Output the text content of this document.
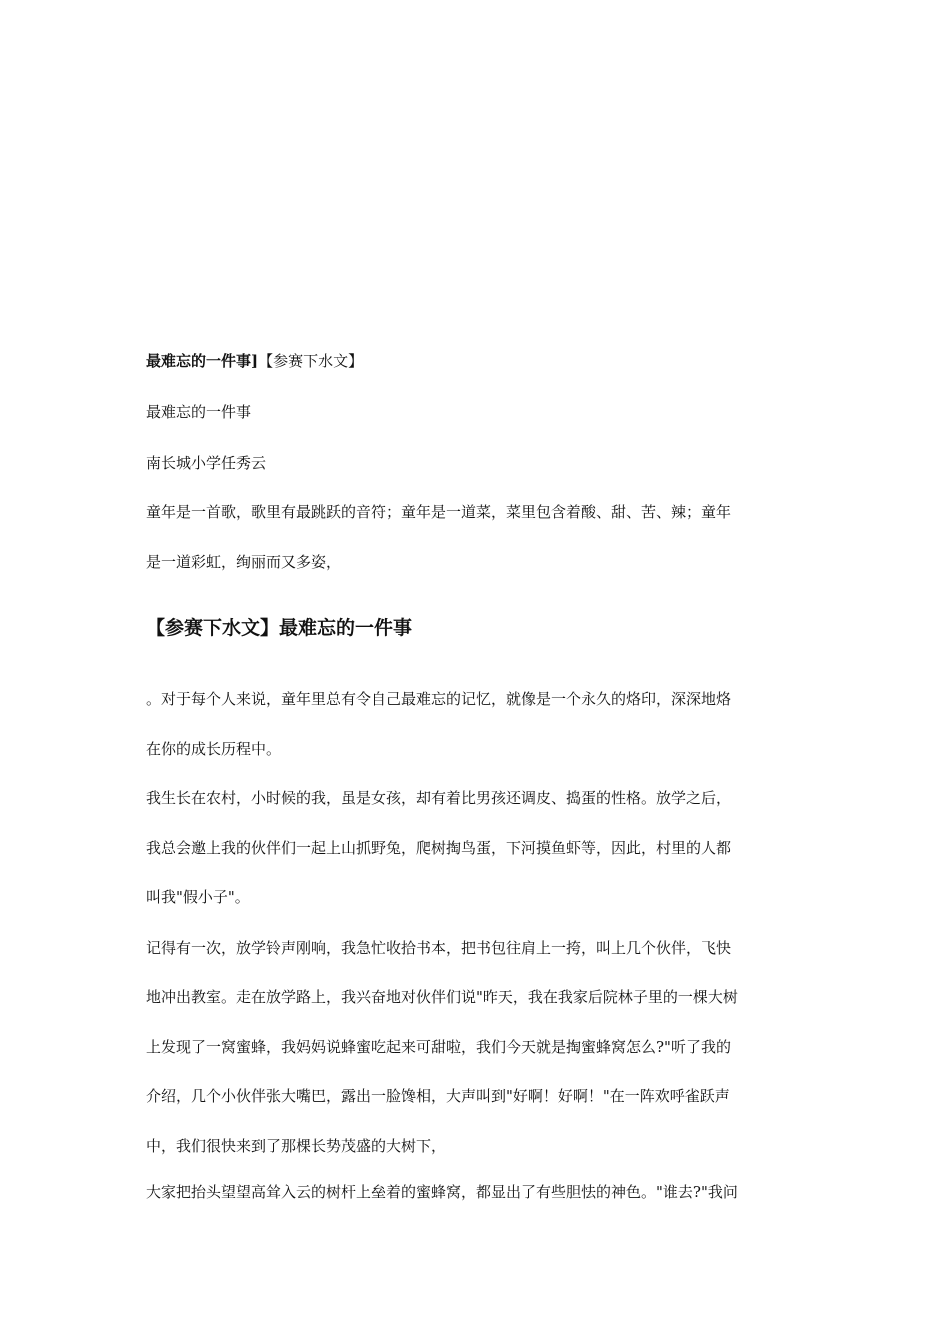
最难忘的一件事]【参赛下水文】
最难忘的一件事
南长城小学任秀云
童年是一首歌，歌里有最跳跃的音符；童年是一道菜，菜里包含着酸、甜、苦、辣；童年
是一道彩虹，绚丽而又多姿，
【参赛下水文】最难忘的一件事
。对于每个人来说，童年里总有令自己最难忘的记忆，就像是一个永久的烙印，深深地烙
在你的成长历程中。
我生长在农村，小时候的我，虽是女孩，却有着比男孩还调皮、捣蛋的性格。放学之后，
我总会邀上我的伙伴们一起上山抓野兔，爬树掏鸟蛋，下河摸鱼虾等，因此，村里的人都
叫我"假小子"。
记得有一次，放学铃声刚响，我急忙收拾书本，把书包往肩上一挎，叫上几个伙伴，飞快
地冲出教室。走在放学路上，我兴奋地对伙伴们说"昨天，我在我家后院林子里的一棵大树
上发现了一窝蜜蜂，我妈妈说蜂蜜吃起来可甜啦，我们今天就是掏蜜蜂窝怎么?"听了我的
介绍，几个小伙伴张大嘴巴，露出一脸馋相，大声叫到"好啊！好啊！"在一阵欢呼雀跃声
中，我们很快来到了那棵长势茂盛的大树下，
大家把抬头望望高耸入云的树杆上垒着的蜜蜂窝，都显出了有些胆怯的神色。"谁去?"我问
